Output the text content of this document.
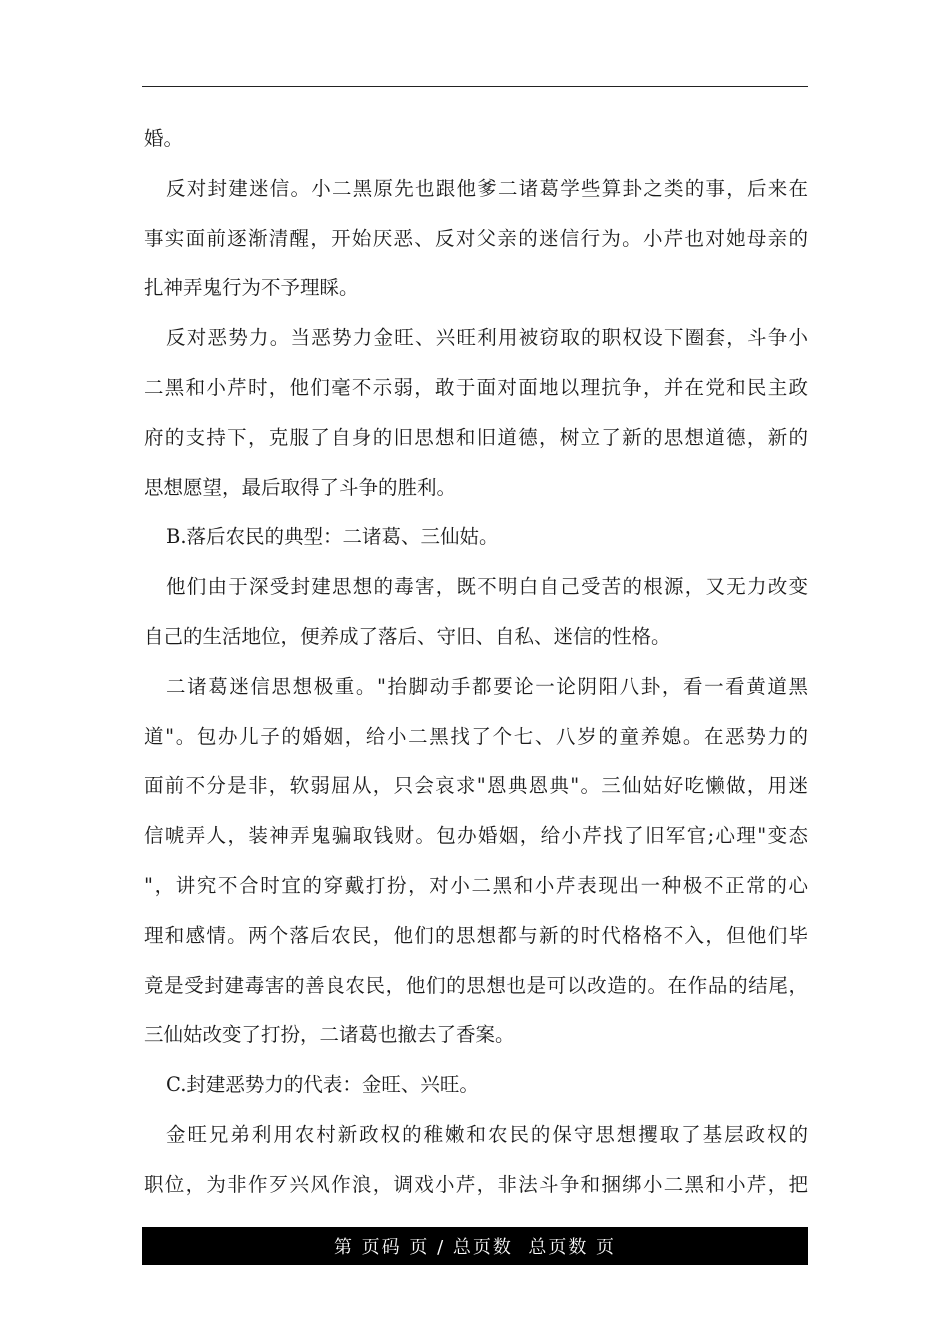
婚。
反对封建迷信。小二黑原先也跟他爹二诸葛学些算卦之类的事，后来在
事实面前逐渐清醒，开始厌恶、反对父亲的迷信行为。小芹也对她母亲的
扎神弄鬼行为不予理睬。
反对恶势力。当恶势力金旺、兴旺利用被窃取的职权设下圈套，斗争小
二黑和小芹时，他们毫不示弱，敢于面对面地以理抗争，并在党和民主政
府的支持下，克服了自身的旧思想和旧道德，树立了新的思想道德，新的
思想愿望，最后取得了斗争的胜利。
B.落后农民的典型：二诸葛、三仙姑。
他们由于深受封建思想的毒害，既不明白自己受苦的根源，又无力改变
自己的生活地位，便养成了落后、守旧、自私、迷信的性格。
二诸葛迷信思想极重。"抬脚动手都要论一论阴阳八卦，看一看黄道黑
道"。包办儿子的婚姻，给小二黑找了个七、八岁的童养媳。在恶势力的
面前不分是非，软弱屈从，只会哀求"恩典恩典"。三仙姑好吃懒做，用迷
信唬弄人，装神弄鬼骗取钱财。包办婚姻，给小芹找了旧军官;心理"变态
"，讲究不合时宜的穿戴打扮，对小二黑和小芹表现出一种极不正常的心
理和感情。两个落后农民，他们的思想都与新的时代格格不入，但他们毕
竟是受封建毒害的善良农民，他们的思想也是可以改造的。在作品的结尾，
三仙姑改变了打扮，二诸葛也撤去了香案。
C.封建恶势力的代表：金旺、兴旺。
金旺兄弟利用农村新政权的稚嫩和农民的保守思想攫取了基层政权的
职位，为非作歹兴风作浪，调戏小芹，非法斗争和捆绑小二黑和小芹，把
第 页码 页 / 总页数  总页数 页
